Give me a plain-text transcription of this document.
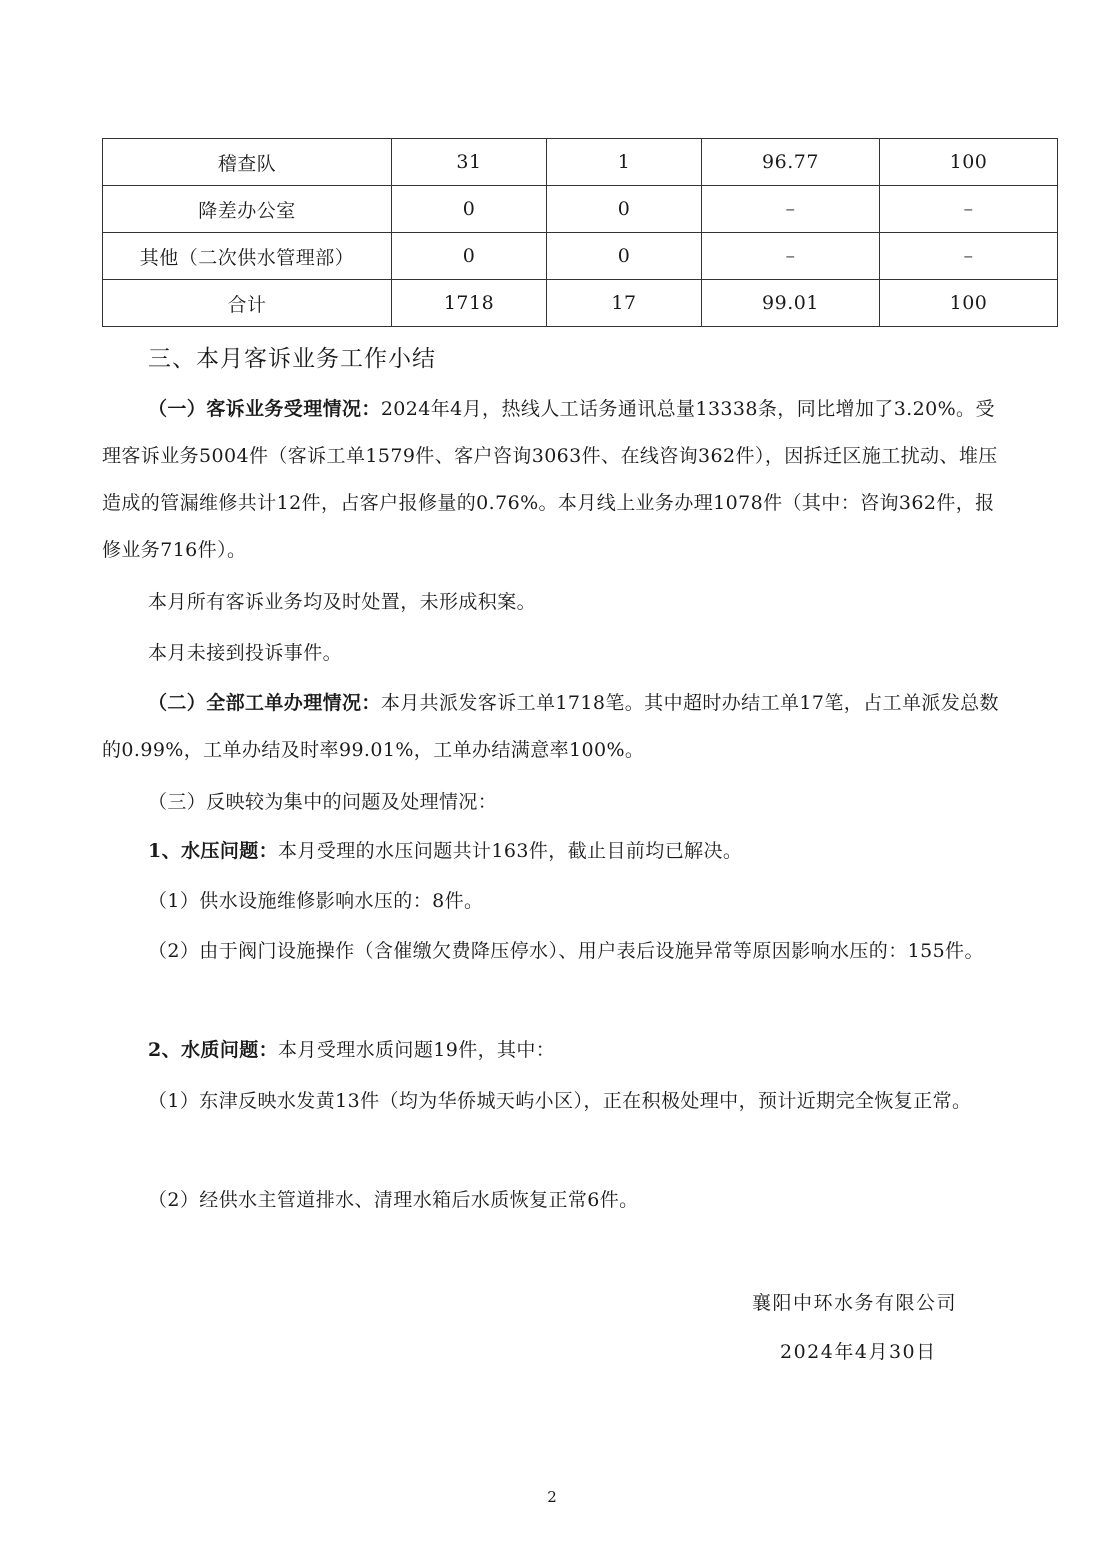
稽查队	31	1	96.77	100
降差办公室	0	0	–	–
其他（二次供水管理部）	0	0	–	–
合计	1718	17	99.01	100
三、本月客诉业务工作小结

（一）客诉业务受理情况：2024年4月，热线人工话务通讯总量13338条，同比增加了3.20%。受理客诉业务5004件（客诉工单1579件、客户咨询3063件、在线咨询362件），因拆迁区施工扰动、堆压造成的管漏维修共计12件，占客户报修量的0.76%。本月线上业务办理1078件（其中：咨询362件，报修业务716件）。

本月所有客诉业务均及时处置，未形成积案。

本月未接到投诉事件。

（二）全部工单办理情况：本月共派发客诉工单1718笔。其中超时办结工单17笔，占工单派发总数的0.99%，工单办结及时率99.01%，工单办结满意率100%。

（三）反映较为集中的问题及处理情况：

1、水压问题：本月受理的水压问题共计163件，截止目前均已解决。

（1）供水设施维修影响水压的：8件。

（2）由于阀门设施操作（含催缴欠费降压停水）、用户表后设施异常等原因影响水压的：155件。

2、水质问题：本月受理水质问题19件，其中：

（1）东津反映水发黄13件（均为华侨城天屿小区），正在积极处理中，预计近期完全恢复正常。

（2）经供水主管道排水、清理水箱后水质恢复正常6件。

襄阳中环水务有限公司
2024年4月30日
2
